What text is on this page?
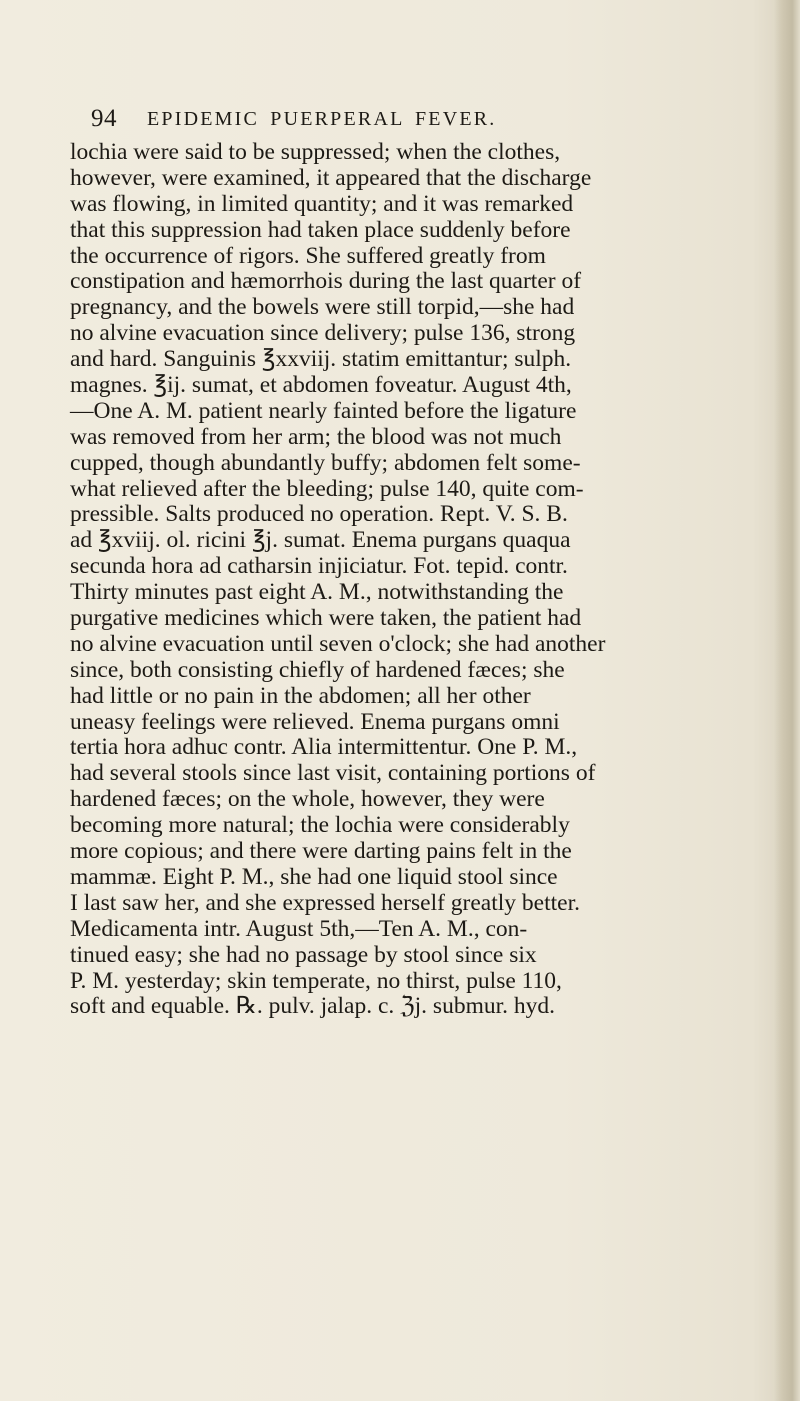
94 EPIDEMIC PUERPERAL FEVER.
lochia were said to be suppressed; when the clothes,
however, were examined, it appeared that the discharge
was flowing, in limited quantity; and it was remarked
that this suppression had taken place suddenly before
the occurrence of rigors. She suffered greatly from
constipation and hæmorrhois during the last quarter of
pregnancy, and the bowels were still torpid,—she had
no alvine evacuation since delivery; pulse 136, strong
and hard. Sanguinis ℥xxviij. statim emittantur; sulph.
magnes. ℥ij. sumat, et abdomen foveatur. August 4th,
—One A. M. patient nearly fainted before the ligature
was removed from her arm; the blood was not much
cupped, though abundantly buffy; abdomen felt some-
what relieved after the bleeding; pulse 140, quite com-
pressible. Salts produced no operation. Rept. V. S. B.
ad ℥xviij. ol. ricini ℥j. sumat. Enema purgans quaqua
secunda hora ad catharsin injiciatur. Fot. tepid. contr.
Thirty minutes past eight A. M., notwithstanding the
purgative medicines which were taken, the patient had
no alvine evacuation until seven o'clock; she had another
since, both consisting chiefly of hardened fæces; she
had little or no pain in the abdomen; all her other
uneasy feelings were relieved. Enema purgans omni
tertia hora adhuc contr. Alia intermittentur. One P. M.,
had several stools since last visit, containing portions of
hardened fæces; on the whole, however, they were
becoming more natural; the lochia were considerably
more copious; and there were darting pains felt in the
mammæ. Eight P. M., she had one liquid stool since
I last saw her, and she expressed herself greatly better.
Medicamenta intr. August 5th,—Ten A. M., con-
tinued easy; she had no passage by stool since six
P. M. yesterday; skin temperate, no thirst, pulse 110,
soft and equable. ℞. pulv. jalap. c. ℨj. submur. hyd.
